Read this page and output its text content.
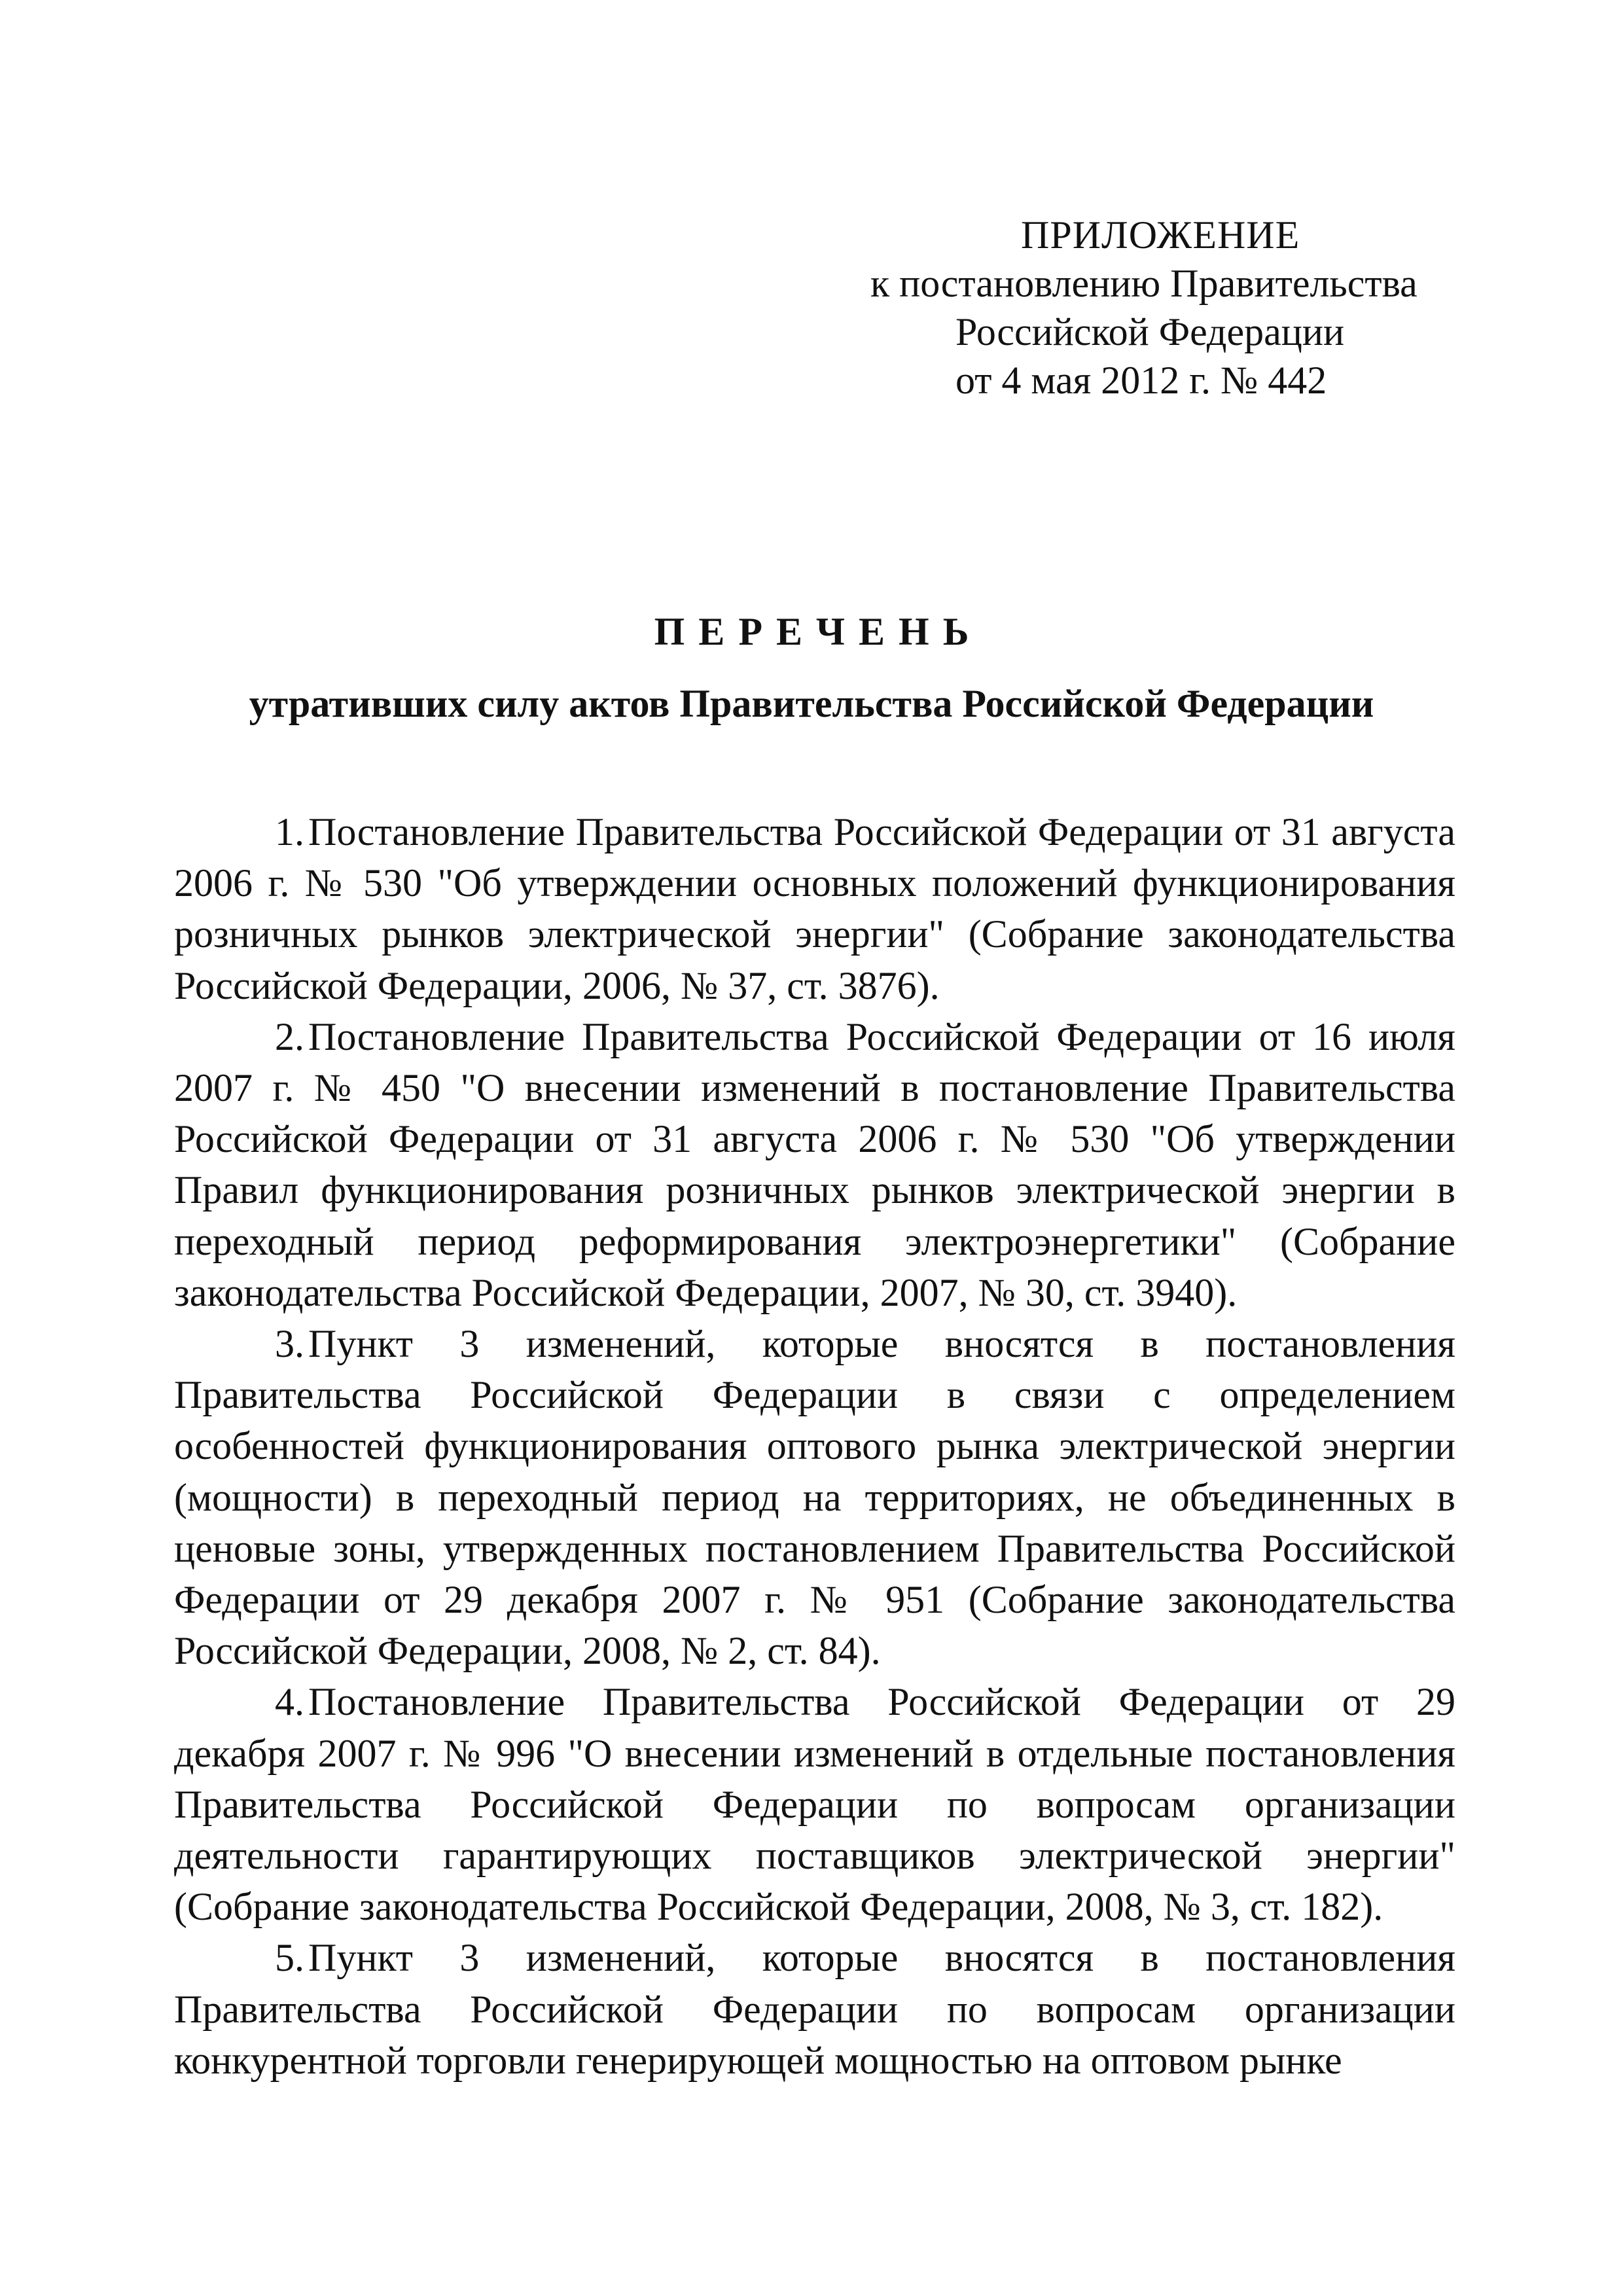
ПРИЛОЖЕНИЕ
к постановлению Правительства
Российской Федерации
от 4 мая 2012 г. № 442
ПЕРЕЧЕНЬ
утративших силу актов Правительства Российской Федерации

1. Постановление Правительства Российской Федерации от 31 августа 2006 г. № 530 "Об утверждении основных положений функционирования розничных рынков электрической энергии" (Собрание законодательства Российской Федерации, 2006, № 37, ст. 3876).

2. Постановление Правительства Российской Федерации от 16 июля 2007 г. № 450 "О внесении изменений в постановление Правительства Российской Федерации от 31 августа 2006 г. № 530 "Об утверждении Правил функционирования розничных рынков электрической энергии в переходный период реформирования электроэнергетики" (Собрание законодательства Российской Федерации, 2007, № 30, ст. 3940).

3. Пункт 3 изменений, которые вносятся в постановления Правительства Российской Федерации в связи с определением особенностей функционирования оптового рынка электрической энергии (мощности) в переходный период на территориях, не объединенных в ценовые зоны, утвержденных постановлением Правительства Российской Федерации от 29 декабря 2007 г. № 951 (Собрание законодательства Российской Федерации, 2008, № 2, ст. 84).

4. Постановление Правительства Российской Федерации от 29 декабря 2007 г. № 996 "О внесении изменений в отдельные постановления Правительства Российской Федерации по вопросам организации деятельности гарантирующих поставщиков электрической энергии" (Собрание законодательства Российской Федерации, 2008, № 3, ст. 182).

5. Пункт 3 изменений, которые вносятся в постановления Правительства Российской Федерации по вопросам организации конкурентной торговли генерирующей мощностью на оптовом рынке
